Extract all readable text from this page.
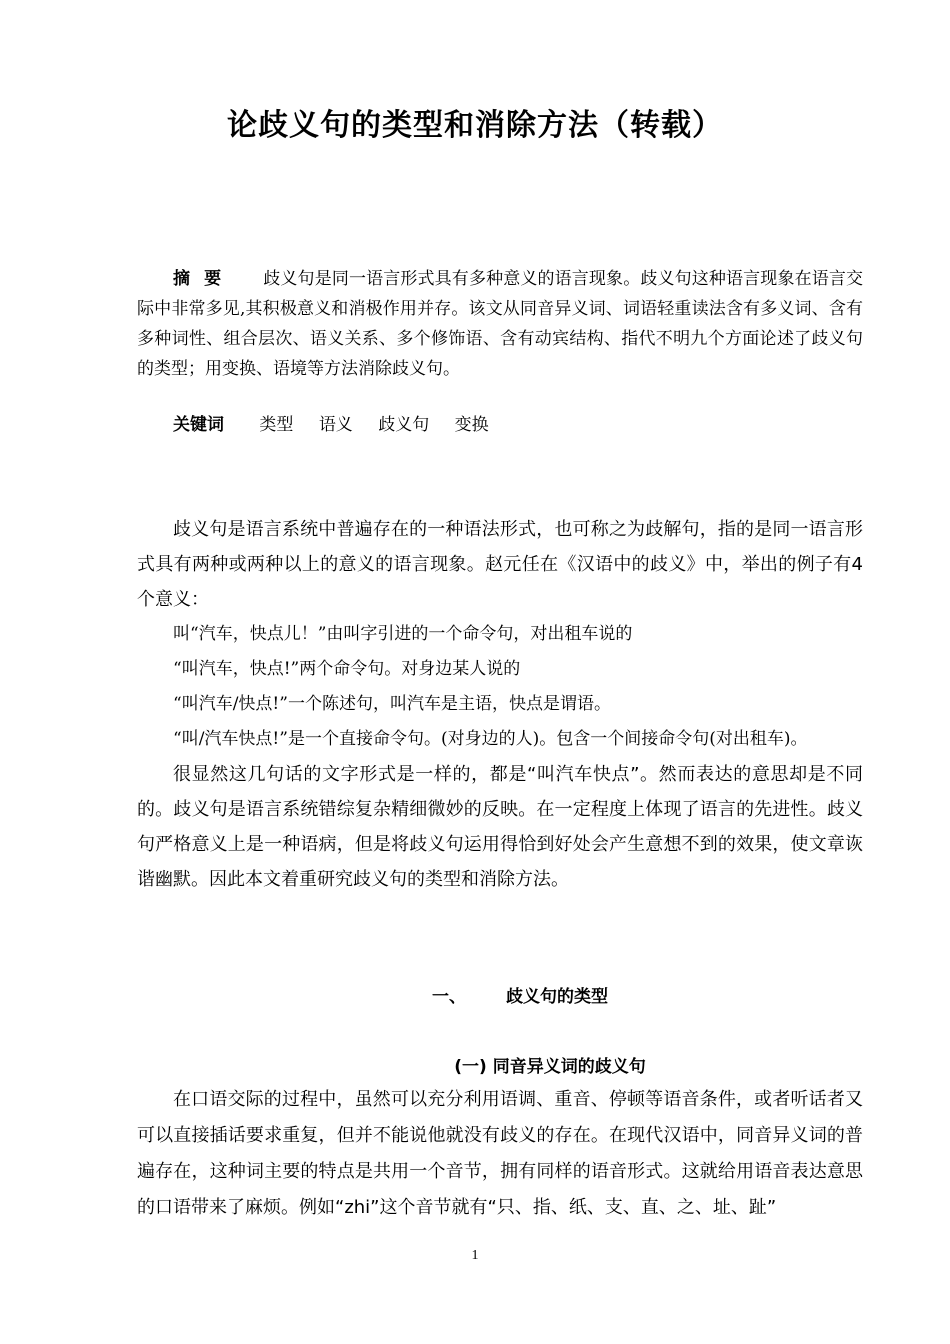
论歧义句的类型和消除方法（转载）
摘要 歧义句是同一语言形式具有多种意义的语言现象。歧义句这种语言现象在语言交际中非常多见,其积极意义和消极作用并存。该文从同音异义词、词语轻重读法含有多义词、含有多种词性、组合层次、语义关系、多个修饰语、含有动宾结构、指代不明九个方面论述了歧义句的类型；用变换、语境等方法消除歧义句。
关键词 类型 语义 歧义句 变换

歧义句是语言系统中普遍存在的一种语法形式，也可称之为歧解句，指的是同一语言形式具有两种或两种以上的意义的语言现象。赵元任在《汉语中的歧义》中，举出的例子有4个意义：

叫“汽车，快点儿！”由叫字引进的一个命令句，对出租车说的

“叫汽车，快点!”两个命令句。对身边某人说的

“叫汽车/快点!”一个陈述句，叫汽车是主语，快点是谓语。

“叫/汽车快点!”是一个直接命令句。(对身边的人)。包含一个间接命令句(对出租车)。

很显然这几句话的文字形式是一样的，都是“叫汽车快点”。然而表达的意思却是不同的。歧义句是语言系统错综复杂精细微妙的反映。在一定程度上体现了语言的先进性。歧义句严格意义上是一种语病，但是将歧义句运用得恰到好处会产生意想不到的效果，使文章诙谐幽默。因此本文着重研究歧义句的类型和消除方法。

一、 歧义句的类型
(一) 同音异义词的歧义句

在口语交际的过程中，虽然可以充分利用语调、重音、停顿等语音条件，或者听话者又可以直接插话要求重复，但并不能说他就没有歧义的存在。在现代汉语中，同音异义词的普遍存在，这种词主要的特点是共用一个音节，拥有同样的语音形式。这就给用语音表达意思的口语带来了麻烦。例如“zhi”这个音节就有“只、指、纸、支、直、之、址、趾”

1
